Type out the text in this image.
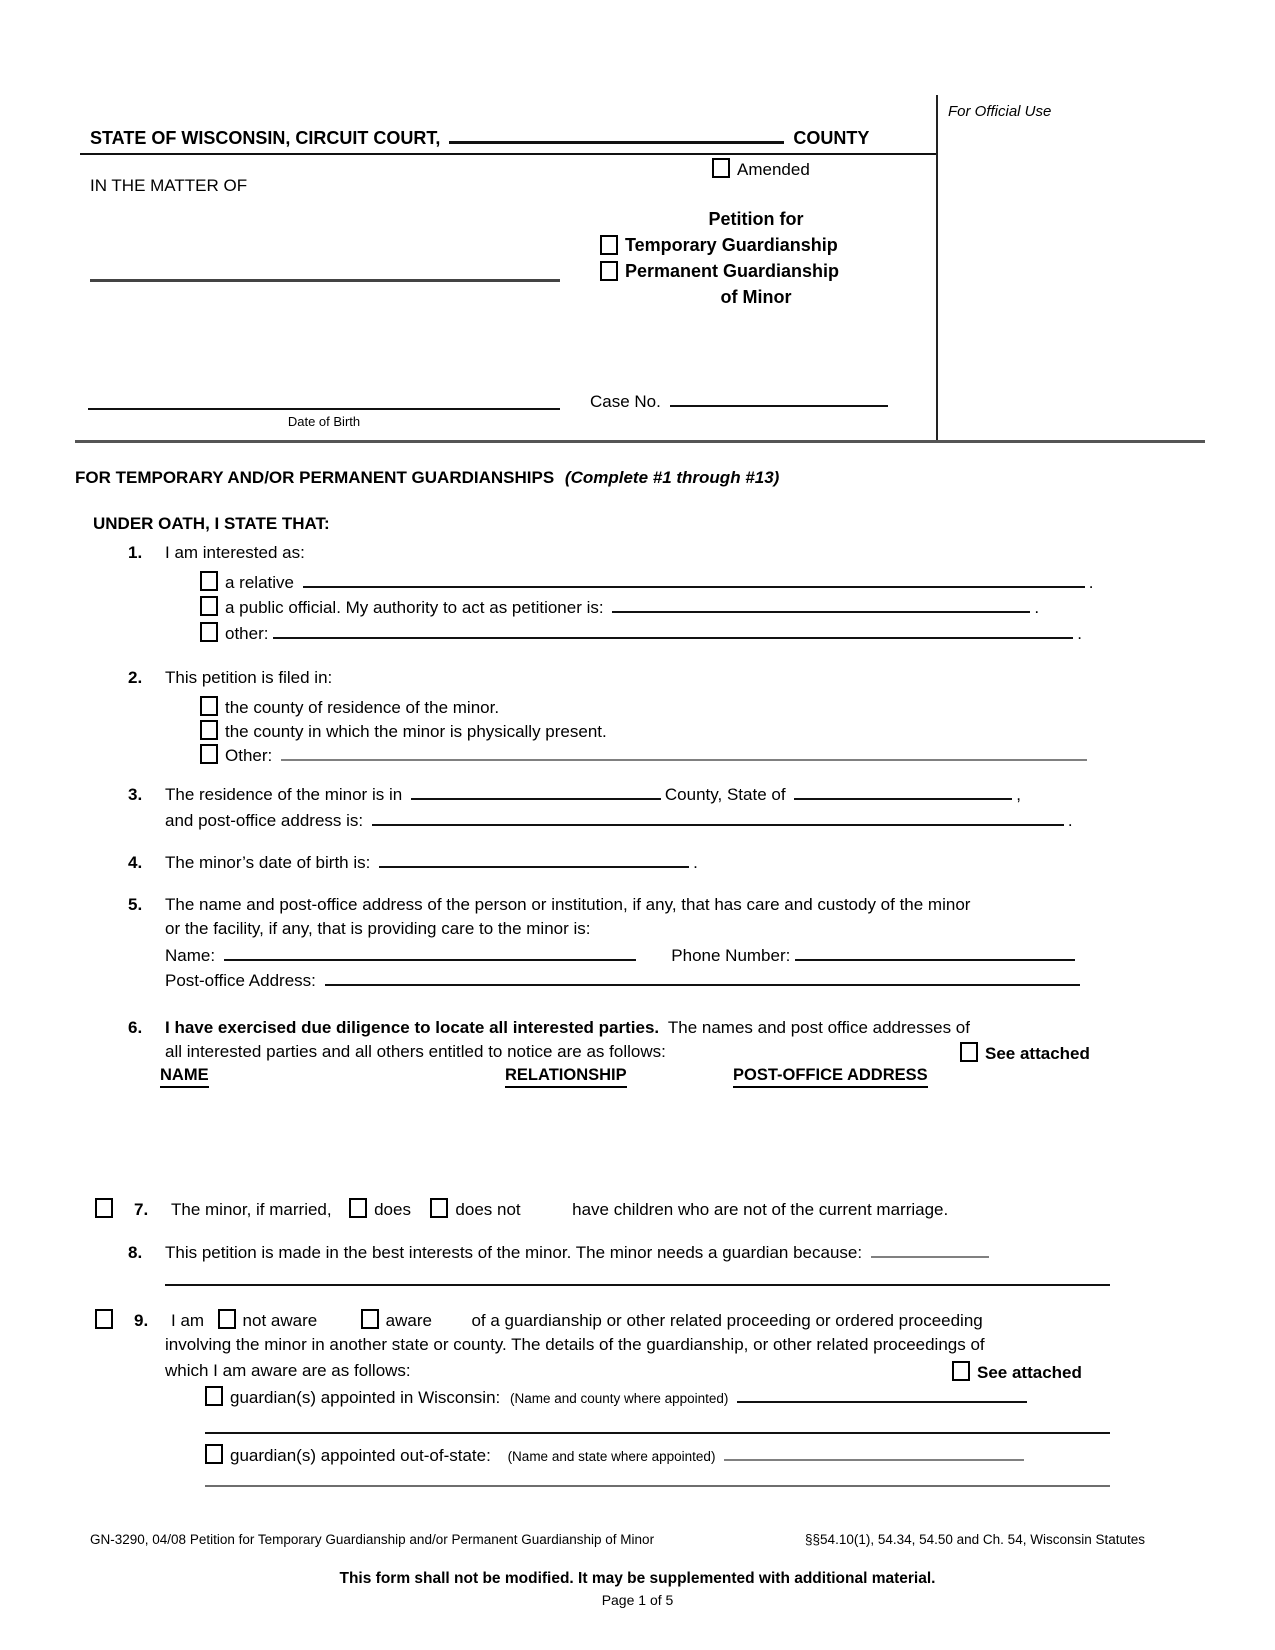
STATE OF WISCONSIN, CIRCUIT COURT,	COUNTY
For Official Use
Amended
IN THE MATTER OF
Petition for
Temporary Guardianship
Permanent Guardianship
of Minor
Date of Birth
Case No.
FOR TEMPORARY AND/OR PERMANENT GUARDIANSHIPS (Complete #1 through #13)
UNDER OATH, I STATE THAT:
1. I am interested as:
a relative	.
a public official. My authority to act as petitioner is:	.
other:	.
2. This petition is filed in:
the county of residence of the minor.
the county in which the minor is physically present.
Other:
3. The residence of the minor is in	County, State of	,
and post-office address is:	.
4. The minor’s date of birth is:	.
5. The name and post-office address of the person or institution, if any, that has care and custody of the minor
or the facility, if any, that is providing care to the minor is:
Name:	Phone Number:
Post-office Address:
6. I have exercised due diligence to locate all interested parties. The names and post office addresses of
all interested parties and all others entitled to notice are as follows:	See attached
NAME	RELATIONSHIP	POST-OFFICE ADDRESS
7. The minor, if married, does	does not	have children who are not of the current marriage.
8. This petition is made in the best interests of the minor. The minor needs a guardian because:
9. I am not aware	aware of a guardianship or other related proceeding or ordered proceeding
involving the minor in another state or county. The details of the guardianship, or other related proceedings of
which I am aware are as follows:	See attached
guardian(s) appointed in Wisconsin: (Name and county where appointed)
guardian(s) appointed out-of-state: (Name and state where appointed)
GN-3290, 04/08 Petition for Temporary Guardianship and/or Permanent Guardianship of Minor	§§54.10(1), 54.34, 54.50 and Ch. 54, Wisconsin Statutes
This form shall not be modified. It may be supplemented with additional material.
Page 1 of 5
